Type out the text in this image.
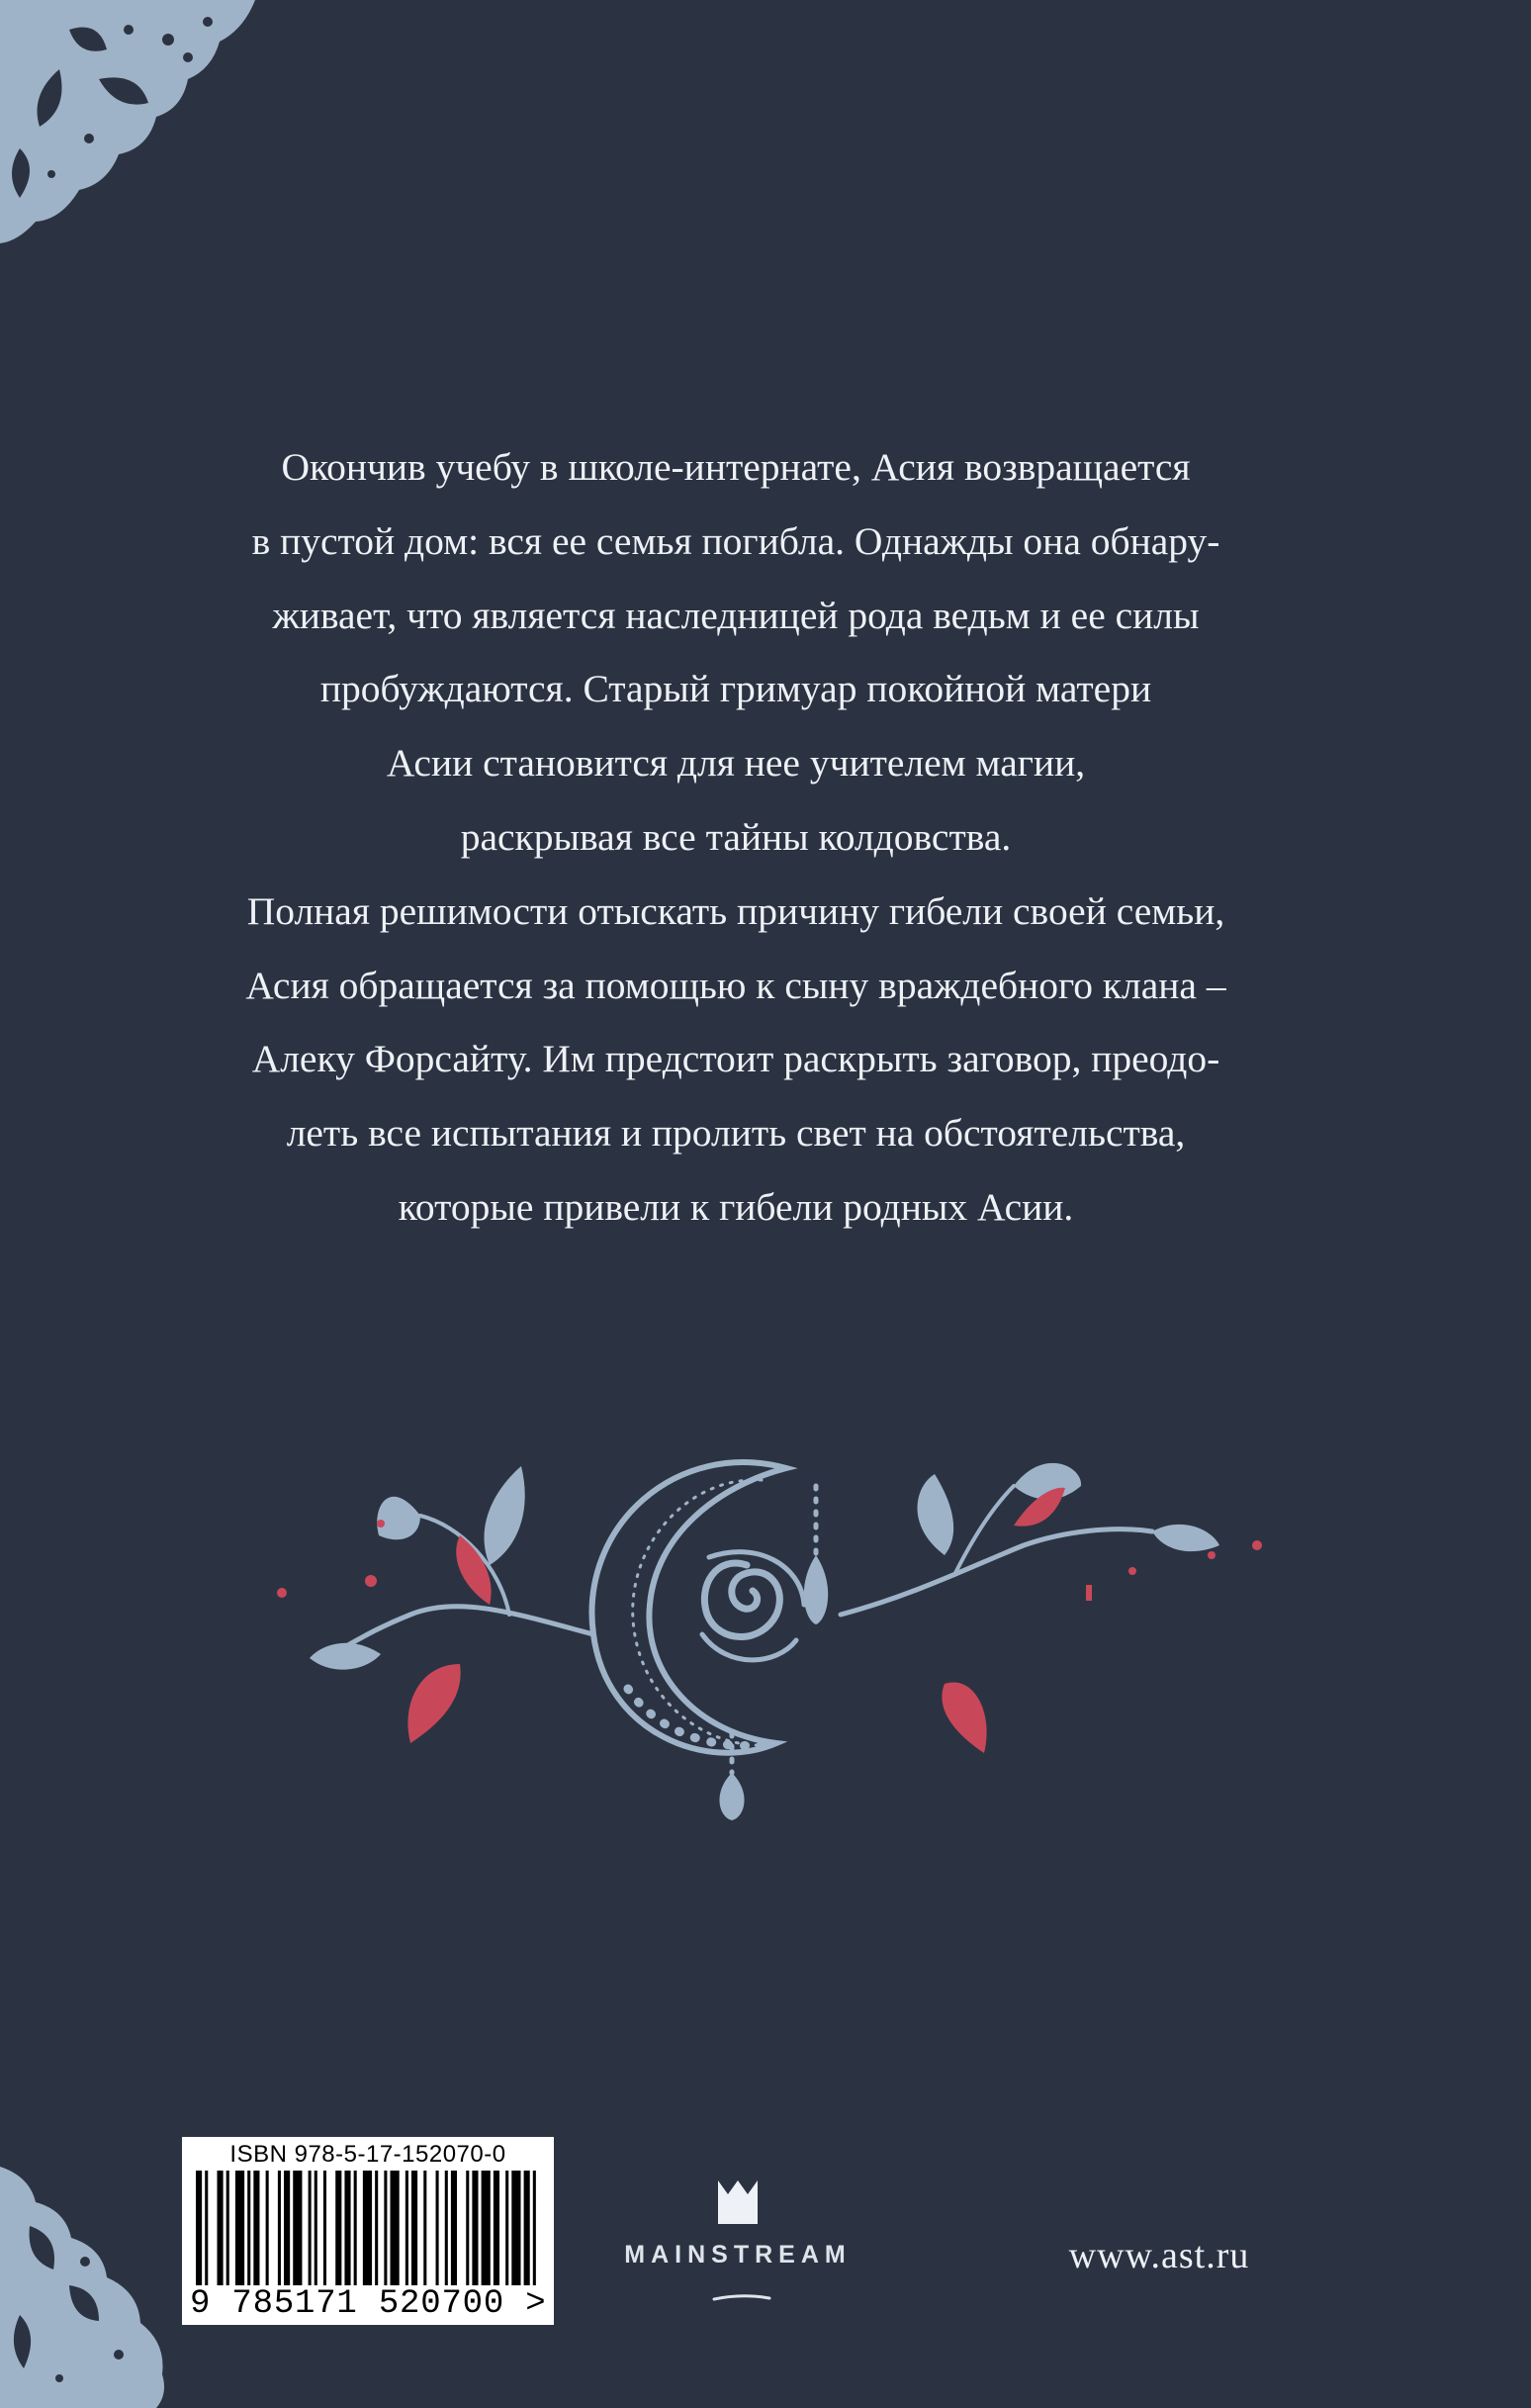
Окончив учебу в школе-интернате, Асия возвращается
в пустой дом: вся ее семья погибла. Однажды она обнару-
живает, что является наследницей рода ведьм и ее силы
пробуждаются. Старый гримуар покойной матери
Асии становится для нее учителем магии,
раскрывая все тайны колдовства.
Полная решимости отыскать причину гибели своей семьи,
Асия обращается за помощью к сыну враждебного клана –
Алеку Форсайту. Им предстоит раскрыть заговор, преодо-
леть все испытания и пролить свет на обстоятельства,
которые привели к гибели родных Асии.

ISBN 978-5-17-152070-0
9 785171 520700 >
MAINSTREAM	www.ast.ru
